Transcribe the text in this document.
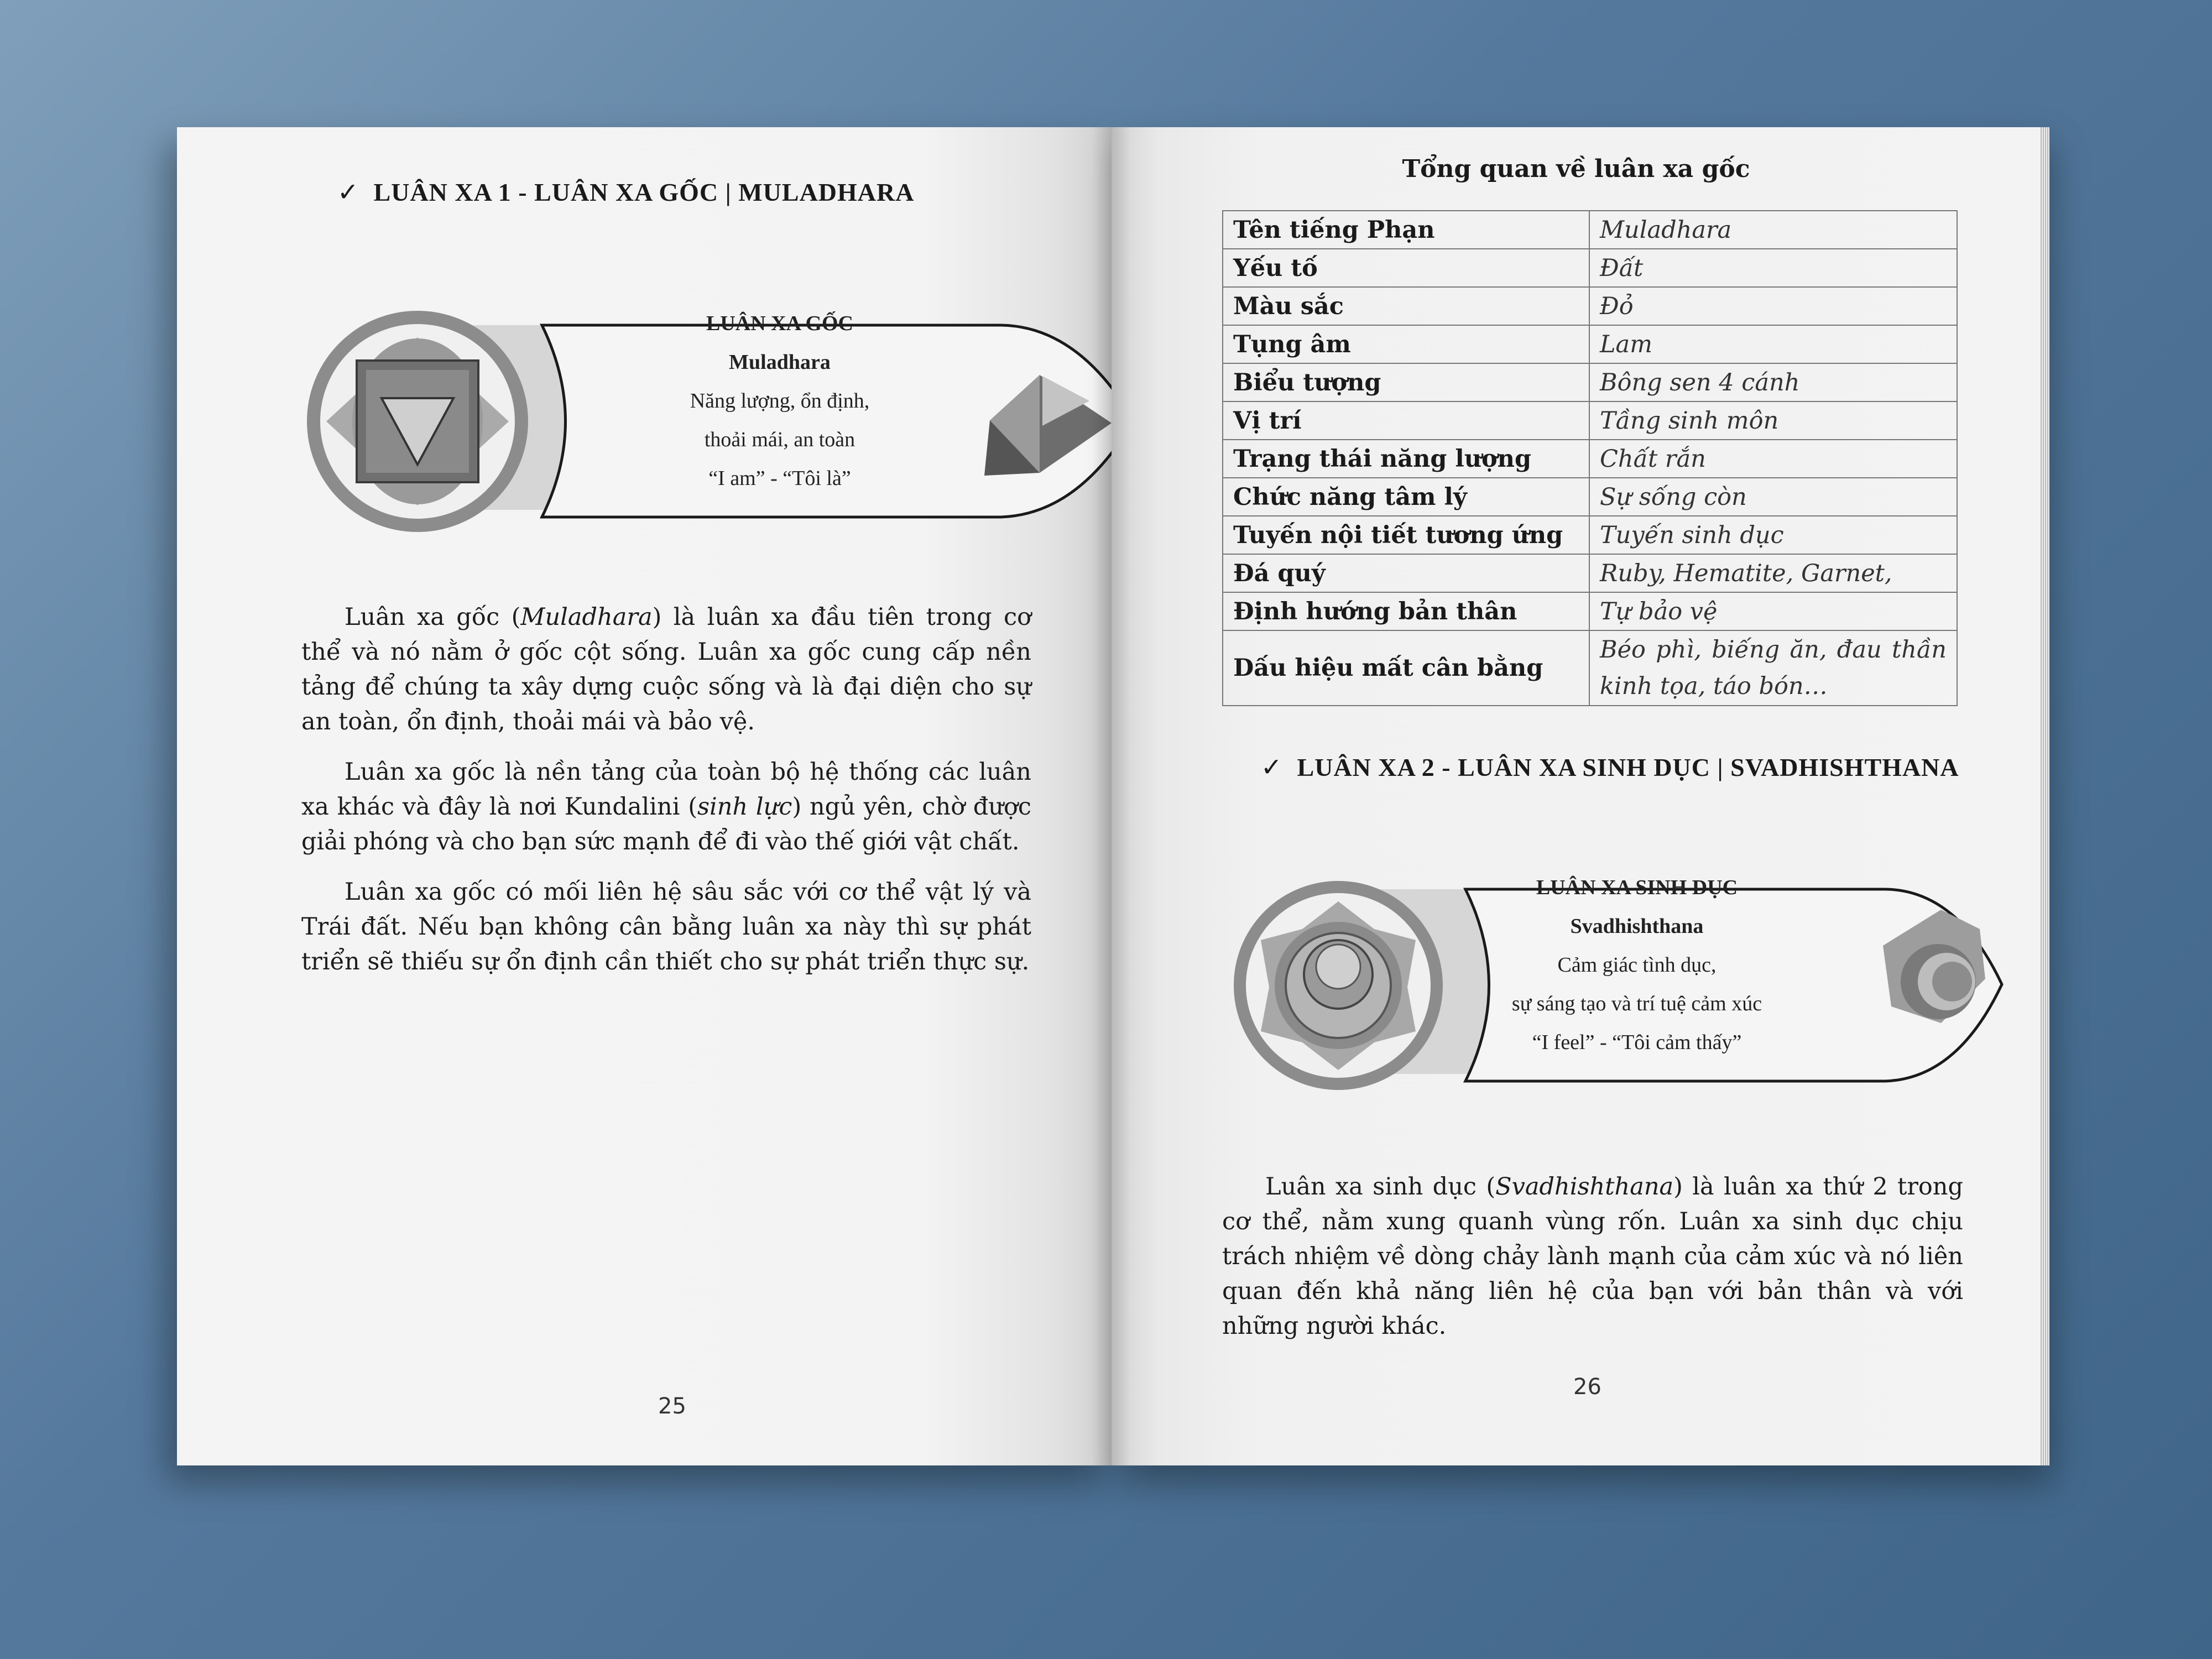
✓ LUÂN XA 1 - LUÂN XA GỐC | MULADHARA
LUÂN XA GỐC
Muladhara
Năng lượng, ổn định,
thoải mái, an toàn
“I am” - “Tôi là”

Luân xa gốc (Muladhara) là luân xa đầu tiên trong cơ thể và nó nằm ở gốc cột sống. Luân xa gốc cung cấp nền tảng để chúng ta xây dựng cuộc sống và là đại diện cho sự an toàn, ổn định, thoải mái và bảo vệ.

Luân xa gốc là nền tảng của toàn bộ hệ thống các luân xa khác và đây là nơi Kundalini (sinh lực) ngủ yên, chờ được giải phóng và cho bạn sức mạnh để đi vào thế giới vật chất.

Luân xa gốc có mối liên hệ sâu sắc với cơ thể vật lý và Trái đất. Nếu bạn không cân bằng luân xa này thì sự phát triển sẽ thiếu sự ổn định cần thiết cho sự phát triển thực sự.

25
Tổng quan về luân xa gốc
Tên tiếng Phạn	Muladhara
Yếu tố	Đất
Màu sắc	Đỏ
Tụng âm	Lam
Biểu tượng	Bông sen 4 cánh
Vị trí	Tầng sinh môn
Trạng thái năng lượng	Chất rắn
Chức năng tâm lý	Sự sống còn
Tuyến nội tiết tương ứng	Tuyến sinh dục
Đá quý	Ruby, Hematite, Garnet,
Định hướng bản thân	Tự bảo vệ
Dấu hiệu mất cân bằng	Béo phì, biếng ăn, đau thần kinh tọa, táo bón…
✓ LUÂN XA 2 - LUÂN XA SINH DỤC | SVADHISHTHANA
LUÂN XA SINH DỤC
Svadhishthana
Cảm giác tình dục,
sự sáng tạo và trí tuệ cảm xúc
“I feel” - “Tôi cảm thấy”

Luân xa sinh dục (Svadhishthana) là luân xa thứ 2 trong cơ thể, nằm xung quanh vùng rốn. Luân xa sinh dục chịu trách nhiệm về dòng chảy lành mạnh của cảm xúc và nó liên quan đến khả năng liên hệ của bạn với bản thân và với những người khác.

26
